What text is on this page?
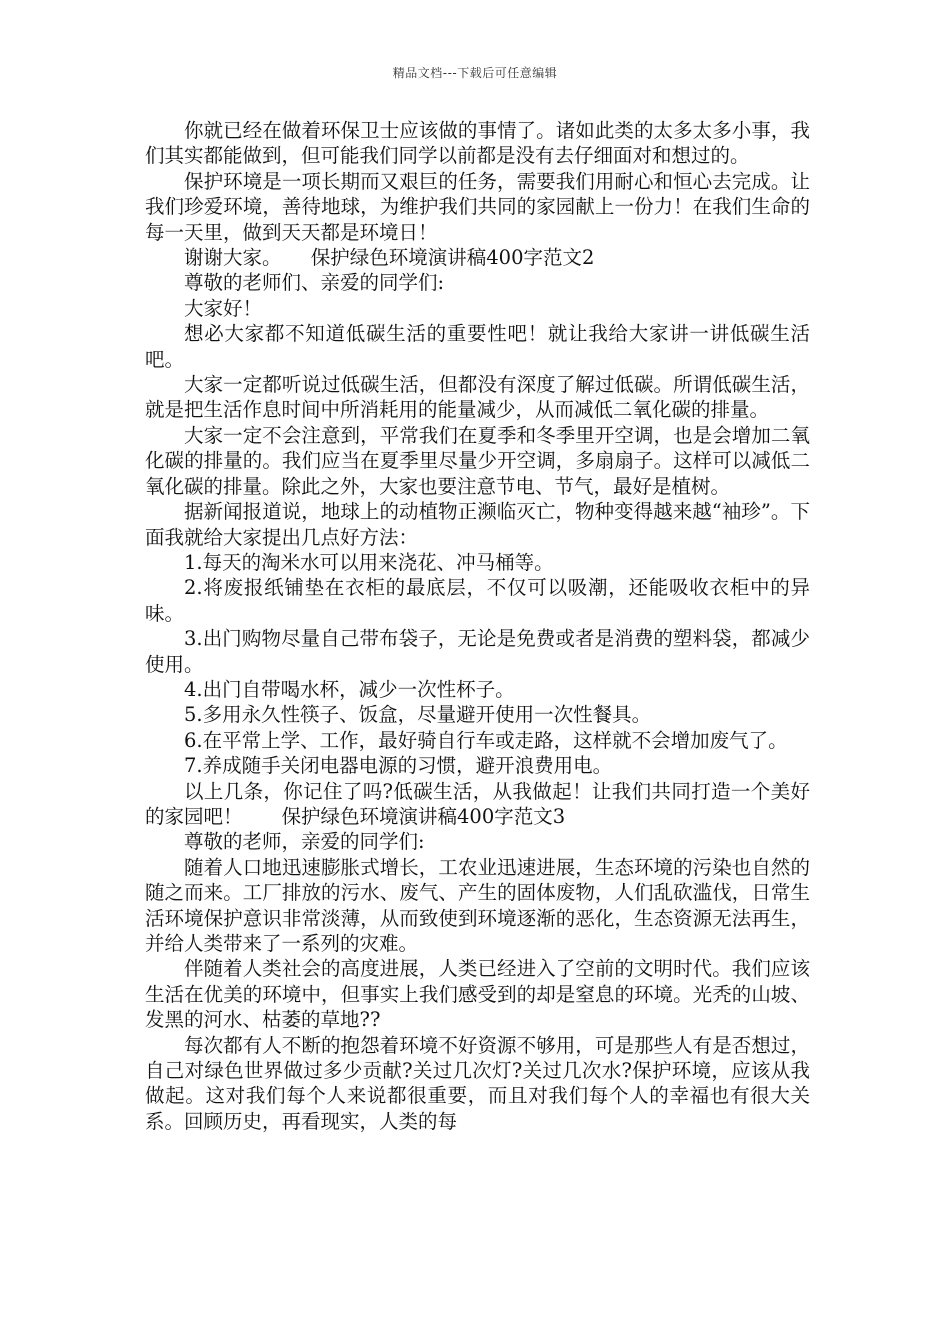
精品文档---下载后可任意编辑

你就已经在做着环保卫士应该做的事情了。诸如此类的太多太多小事，我们其实都能做到，但可能我们同学以前都是没有去仔细面对和想过的。

保护环境是一项长期而又艰巨的任务，需要我们用耐心和恒心去完成。让我们珍爱环境，善待地球，为维护我们共同的家园献上一份力！在我们生命的每一天里，做到天天都是环境日！

谢谢大家。　　保护绿色环境演讲稿400字范文2

尊敬的老师们、亲爱的同学们:

大家好！

想必大家都不知道低碳生活的重要性吧！就让我给大家讲一讲低碳生活吧。

大家一定都听说过低碳生活，但都没有深度了解过低碳。所谓低碳生活，就是把生活作息时间中所消耗用的能量减少，从而减低二氧化碳的排量。

大家一定不会注意到，平常我们在夏季和冬季里开空调，也是会增加二氧化碳的排量的。我们应当在夏季里尽量少开空调，多扇扇子。这样可以减低二氧化碳的排量。除此之外，大家也要注意节电、节气，最好是植树。

据新闻报道说，地球上的动植物正濒临灭亡，物种变得越来越“袖珍”。下面我就给大家提出几点好方法：

1.每天的淘米水可以用来浇花、冲马桶等。

2.将废报纸铺垫在衣柜的最底层，不仅可以吸潮，还能吸收衣柜中的异味。

3.出门购物尽量自己带布袋子，无论是免费或者是消费的塑料袋，都减少使用。

4.出门自带喝水杯，减少一次性杯子。

5.多用永久性筷子、饭盒，尽量避开使用一次性餐具。

6.在平常上学、工作，最好骑自行车或走路，这样就不会增加废气了。

7.养成随手关闭电器电源的习惯，避开浪费用电。

以上几条，你记住了吗?低碳生活，从我做起！让我们共同打造一个美好的家园吧！　　保护绿色环境演讲稿400字范文3

尊敬的老师，亲爱的同学们:

随着人口地迅速膨胀式增长，工农业迅速进展，生态环境的污染也自然的随之而来。工厂排放的污水、废气、产生的固体废物，人们乱砍滥伐，日常生活环境保护意识非常淡薄，从而致使到环境逐渐的恶化，生态资源无法再生，并给人类带来了一系列的灾难。

伴随着人类社会的高度进展，人类已经进入了空前的文明时代。我们应该生活在优美的环境中，但事实上我们感受到的却是窒息的环境。光秃的山坡、发黑的河水、枯萎的草地??

每次都有人不断的抱怨着环境不好资源不够用，可是那些人有是否想过，自己对绿色世界做过多少贡献?关过几次灯?关过几次水?保护环境，应该从我做起。这对我们每个人来说都很重要，而且对我们每个人的幸福也有很大关系。回顾历史，再看现实，人类的每
